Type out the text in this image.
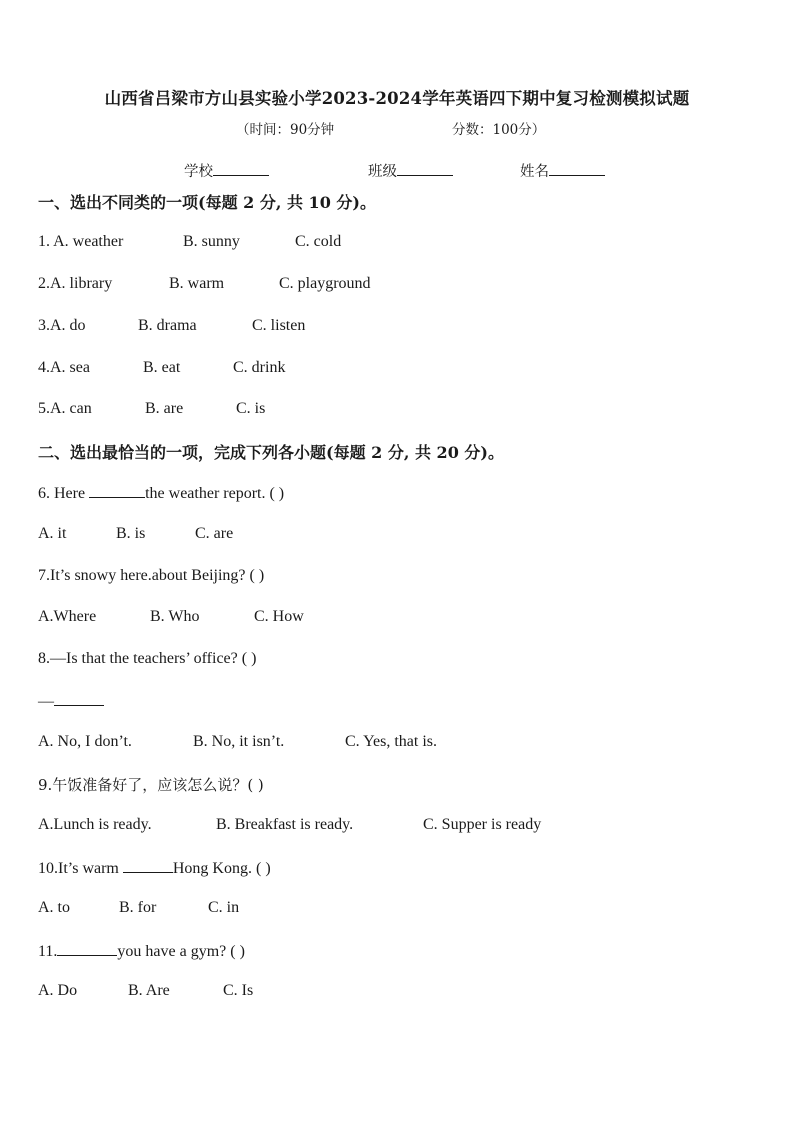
山西省吕梁市方山县实验小学2023-2024学年英语四下期中复习检测模拟试题
（时间：90分钟	分数：100分）
学校	班级	姓名
一、选出不同类的一项(每题 2 分, 共 10 分)。
1. A. weather	B. sunny	C. cold
2.A. library	B. warm	C. playground
3.A. do	B. drama	C. listen
4.A. sea	B. eat	C. drink
5.A. can	B. are	C. is
二、选出最恰当的一项，完成下列各小题(每题 2 分, 共 20 分)。
6. Here	the weather report. ( )
A. it	B. is	C. are
7.It’s snowy here.about Beijing? ( )
A.Where	B. Who	C. How
8.—Is that the teachers’ office? ( )
—
A. No, I don’t.	B. No, it isn’t.	C. Yes, that is.
9.午饭准备好了，应该怎么说？( )
A.Lunch is ready.	B. Breakfast is ready.	C. Supper is ready
10.It’s warm	Hong Kong. ( )
A. to	B. for	C. in
11.	you have a gym? ( )
A. Do	B. Are	C. Is
